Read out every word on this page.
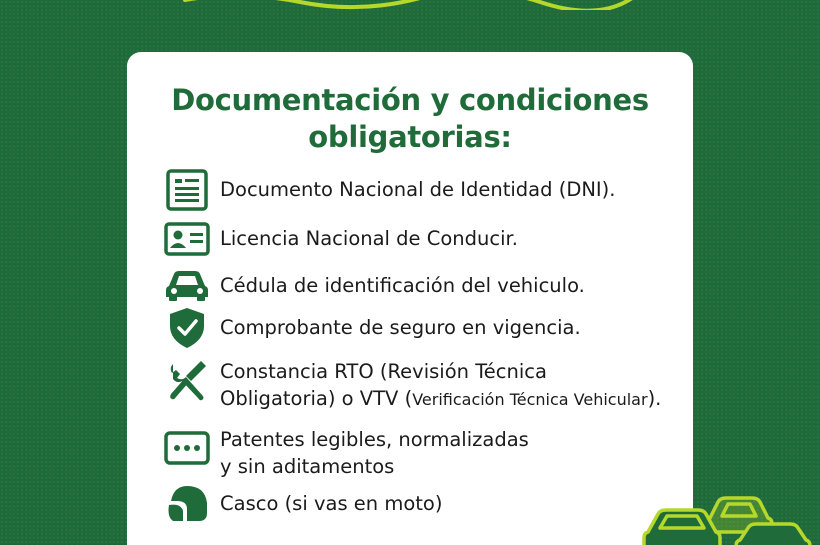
Documentación y condiciones
obligatorias:
Documento Nacional de Identidad (DNI).
Licencia Nacional de Conducir.
Cédula de identificación del vehiculo.
Comprobante de seguro en vigencia.
Constancia RTO (Revisión Técnica
Obligatoria) o VTV (Verificación Técnica Vehicular).
Patentes legibles, normalizadas
y sin aditamentos
Casco (si vas en moto)
